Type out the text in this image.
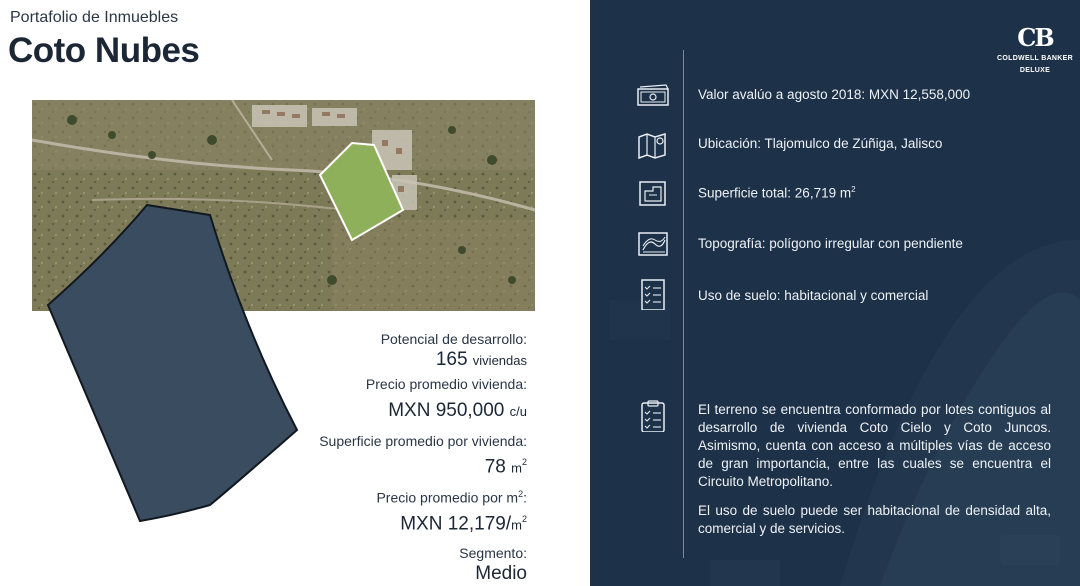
Portafolio de Inmuebles
Coto Nubes
Potencial de desarrollo:
165 viviendas
Precio promedio vivienda:
MXN 950,000 c/u
Superficie promedio por vivienda:
78 $m^2$
Precio promedio por $m^2$:
MXN $12,179/m^2$
Segmento:
Medio
CB
COLDWELL BANKER
DELUXE
Valor avalúo a agosto 2018: MXN 12,558,000
Ubicación: Tlajomulco de Zúñiga, Jalisco
Superficie total: 26,719 $m^2$
Topografía: polígono irregular con pendiente
Uso de suelo: habitacional y comercial
El terreno se encuentra conformado por lotes contiguos al desarrollo de vivienda Coto Cielo y Coto Juncos. Asimismo, cuenta con acceso a múltiples vías de acceso de gran importancia, entre las cuales se encuentra el Circuito Metropolitano.
El uso de suelo puede ser habitacional de densidad alta, comercial y de servicios.
